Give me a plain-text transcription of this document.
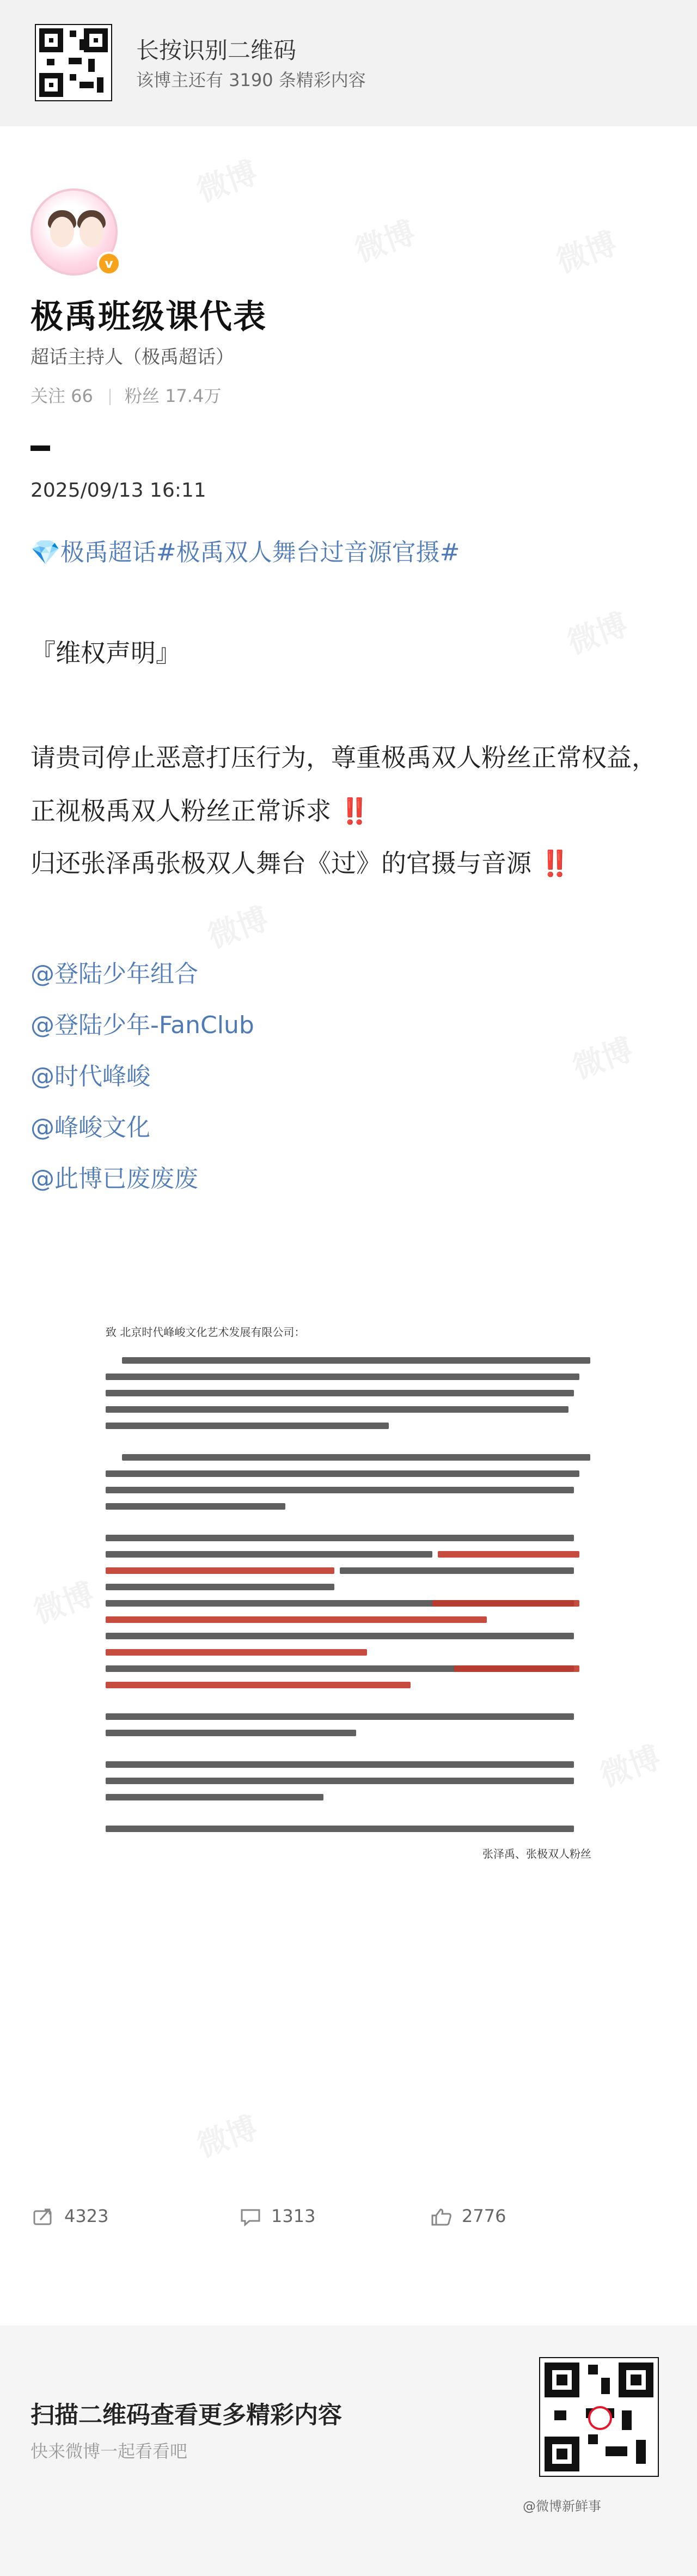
长按识别二维码
该博主还有 3190 条精彩内容
微博
微博	微博
微博
微博
微博
微博
微博
微博
v
极禹班级课代表
超话主持人（极禹超话）
关注 66 粉丝 17.4万
2025/09/13 16:11
💎极禹超话#极禹双人舞台过音源官摄#
『维权声明』
请贵司停止恶意打压行为，尊重极禹双人粉丝正常权益，
正视极禹双人粉丝正常诉求 ‼️
归还张泽禹张极双人舞台《过》的官摄与音源 ‼️
@登陆少年组合
@登陆少年-FanClub
@时代峰峻
@峰峻文化
@此博已废废废
致 北京时代峰峻文化艺术发展有限公司：
张泽禹、张极双人粉丝
4323	1313	2776
扫描二维码查看更多精彩内容
快来微博一起看看吧
@微博新鲜事
